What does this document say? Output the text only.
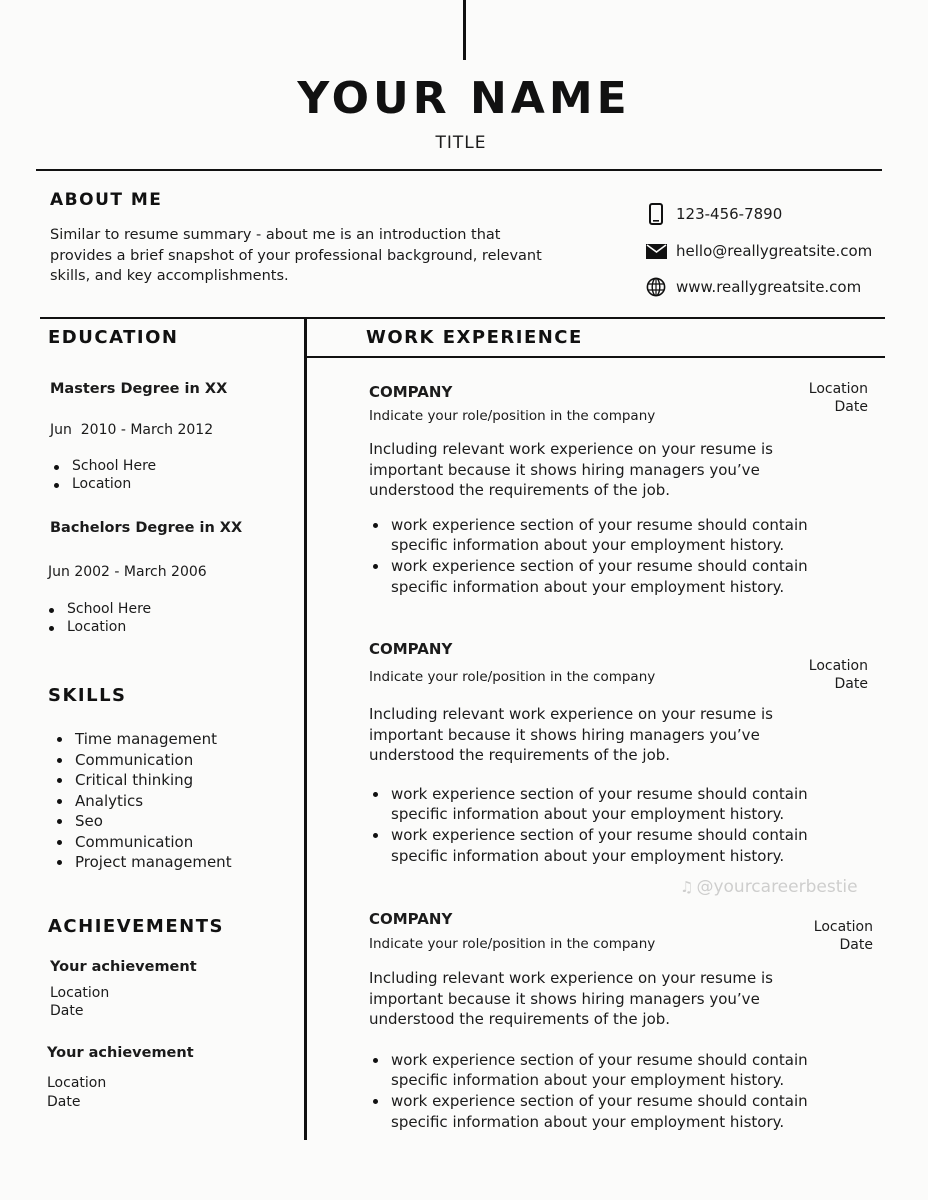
YOUR NAME
TITLE
ABOUT ME
Similar to resume summary - about me is an introduction that provides a brief snapshot of your professional background, relevant skills, and key accomplishments.
123-456-7890
hello@reallygreatsite.com
www.reallygreatsite.com
EDUCATION
Masters Degree in XX
Jun  2010 - March 2012
School Here
Location
Bachelors Degree in XX
Jun 2002 - March 2006
School Here
Location
SKILLS
Time management
Communication
Critical thinking
Analytics
Seo
Communication
Project management
ACHIEVEMENTS
Your achievement
Location
Date
Your achievement
Location
Date
WORK EXPERIENCE
COMPANY
Indicate your role/position in the company
Including relevant work experience on your resume is important because it shows hiring managers you’ve understood the requirements of the job.
work experience section of your resume should contain specific information about your employment history.
work experience section of your resume should contain specific information about your employment history.
Location
Date
COMPANY
Indicate your role/position in the company
Including relevant work experience on your resume is important because it shows hiring managers you’ve understood the requirements of the job.
work experience section of your resume should contain specific information about your employment history.
work experience section of your resume should contain specific information about your employment history.
Location
Date
COMPANY
Indicate your role/position in the company
Including relevant work experience on your resume is important because it shows hiring managers you’ve understood the requirements of the job.
work experience section of your resume should contain specific information about your employment history.
work experience section of your resume should contain specific information about your employment history.
Location
Date
♫ @yourcareerbestie
